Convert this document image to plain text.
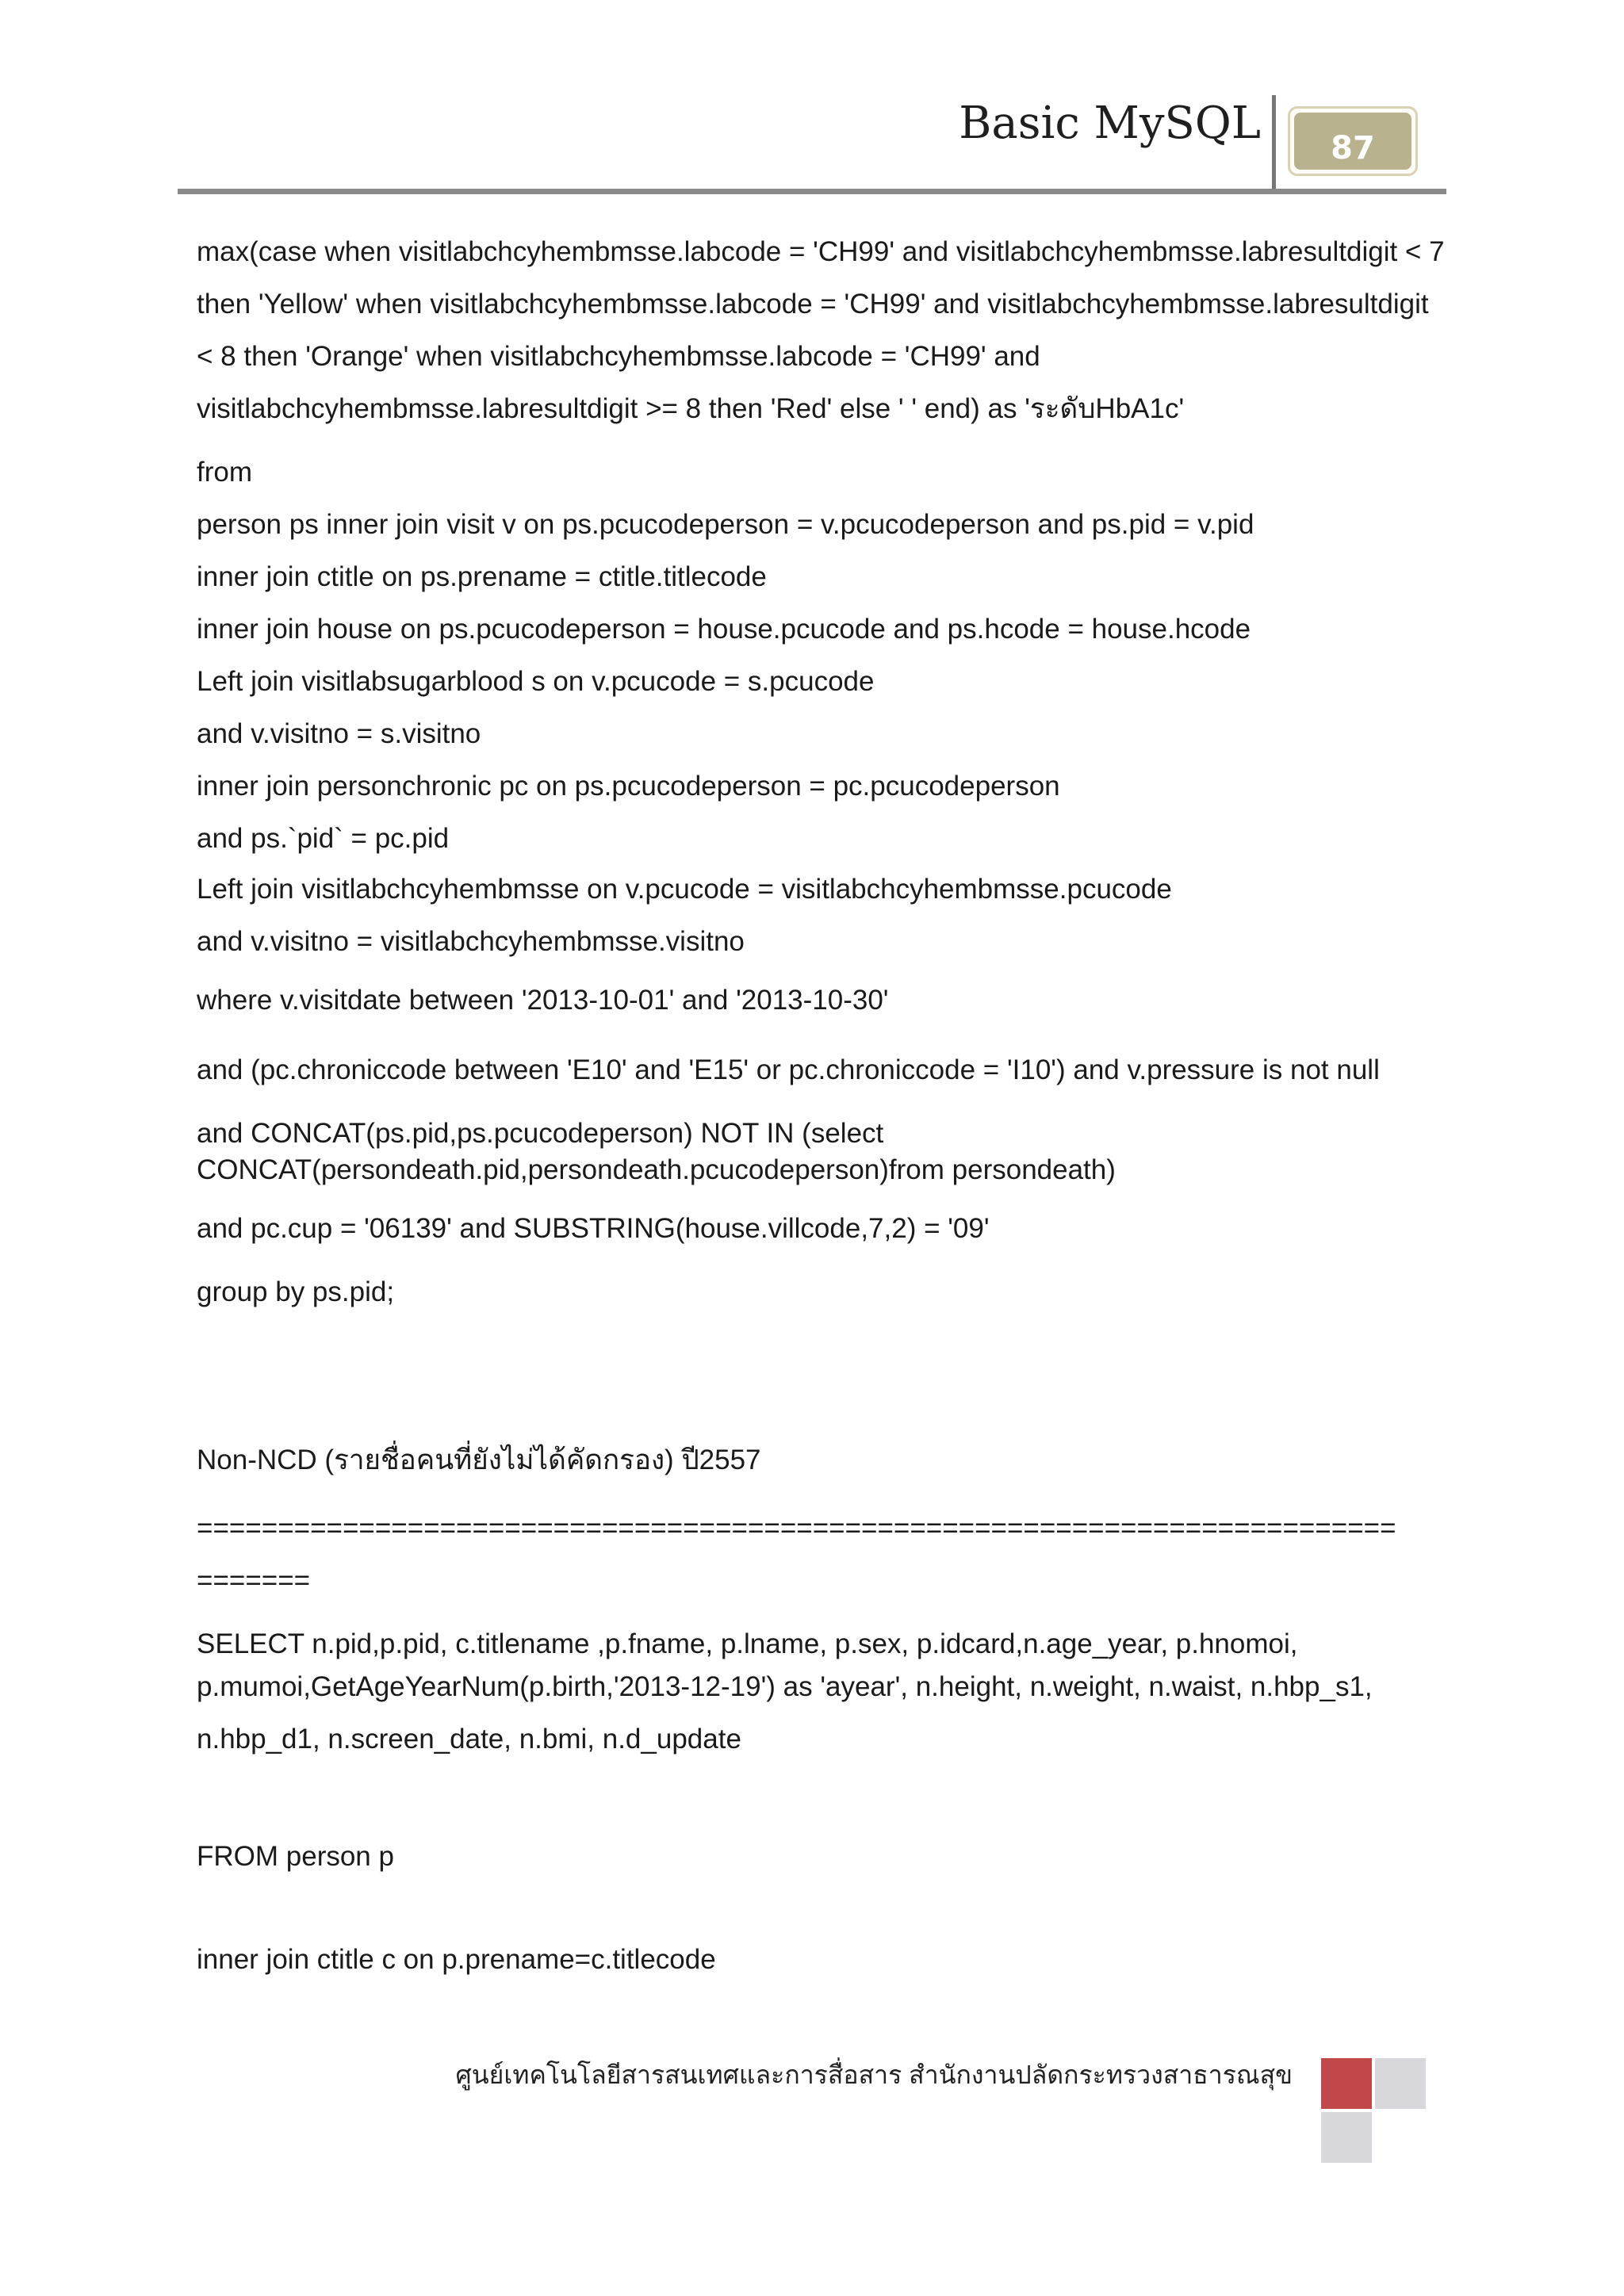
Basic MySQL	87

max(case when visitlabchcyhembmsse.labcode = 'CH99' and visitlabchcyhembmsse.labresultdigit < 7

then 'Yellow' when visitlabchcyhembmsse.labcode = 'CH99' and visitlabchcyhembmsse.labresultdigit

< 8 then 'Orange' when visitlabchcyhembmsse.labcode = 'CH99' and

visitlabchcyhembmsse.labresultdigit >= 8 then 'Red' else ' ' end) as 'ระดับHbA1c'

from

person ps inner join visit v on ps.pcucodeperson = v.pcucodeperson and ps.pid = v.pid

inner join ctitle on ps.prename = ctitle.titlecode

inner join house on ps.pcucodeperson = house.pcucode and ps.hcode = house.hcode

Left join visitlabsugarblood s on v.pcucode = s.pcucode

and v.visitno = s.visitno

inner join personchronic pc on ps.pcucodeperson = pc.pcucodeperson

and ps.`pid` = pc.pid

Left join visitlabchcyhembmsse on v.pcucode = visitlabchcyhembmsse.pcucode

and v.visitno = visitlabchcyhembmsse.visitno

where v.visitdate between '2013-10-01' and '2013-10-30'

and (pc.chroniccode between 'E10' and 'E15' or pc.chroniccode = 'I10') and v.pressure is not null

and CONCAT(ps.pid,ps.pcucodeperson) NOT IN (select

CONCAT(persondeath.pid,persondeath.pcucodeperson)from persondeath)

and pc.cup = '06139' and SUBSTRING(house.villcode,7,2) = '09'

group by ps.pid;

Non-NCD (รายชื่อคนที่ยังไม่ได้คัดกรอง) ปี2557

==========================================================================

=======

SELECT n.pid,p.pid, c.titlename ,p.fname, p.lname, p.sex, p.idcard,n.age_year, p.hnomoi,

p.mumoi,GetAgeYearNum(p.birth,'2013-12-19') as 'ayear', n.height, n.weight, n.waist, n.hbp_s1,

n.hbp_d1, n.screen_date, n.bmi, n.d_update

FROM person p

inner join ctitle c on p.prename=c.titlecode

ศูนย์เทคโนโลยีสารสนเทศและการสื่อสาร สำนักงานปลัดกระทรวงสาธารณสุข
